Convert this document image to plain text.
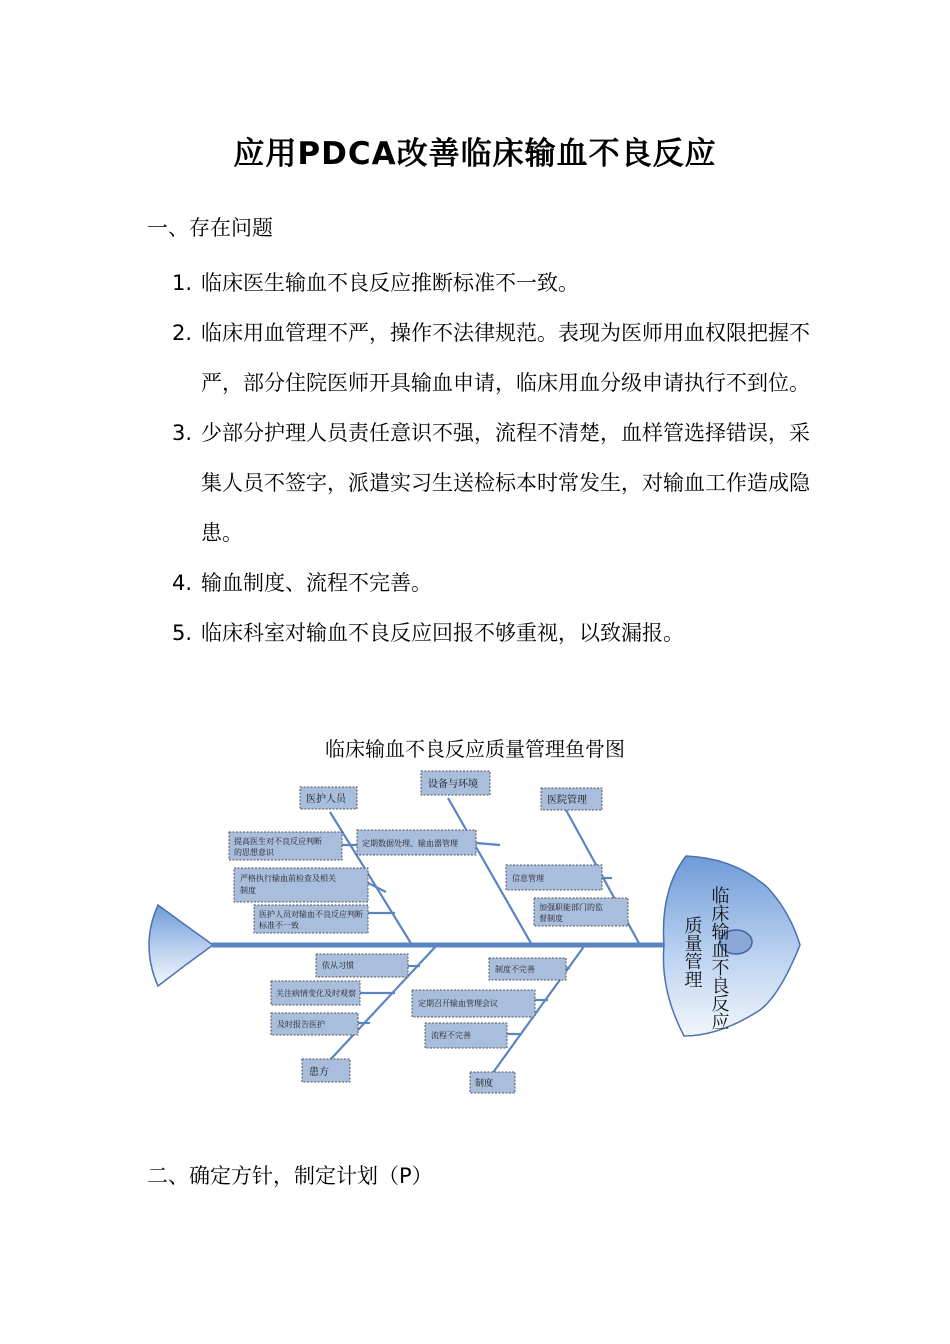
应用PDCA改善临床输血不良反应
一、存在问题
1. 临床医生输血不良反应推断标准不一致。
2. 临床用血管理不严，操作不法律规范。表现为医师用血权限把握不严，部分住院医师开具输血申请，临床用血分级申请执行不到位。
3. 少部分护理人员责任意识不强，流程不清楚，血样管选择错误，采集人员不签字，派遣实习生送检标本时常发生，对输血工作造成隐患。
4. 输血制度、流程不完善。
5. 临床科室对输血不良反应回报不够重视，以致漏报。
临床输血不良反应质量管理鱼骨图
临床输血不良反应
质量管理
医护人员
设备与环境
医院管理
患方
制度
提高医生对不良反应判断
的思想意识
严格执行输血前检查及相关
制度
医护人员对输血不良反应判断
标准不一致
定期数据处理、输血器管理
信息管理
加强职能部门的监
督制度
依从习惯
关注病情变化及时观察
及时报告医护
制度不完善
定期召开输血管理会议
流程不完善
二、确定方针，制定计划（P）
